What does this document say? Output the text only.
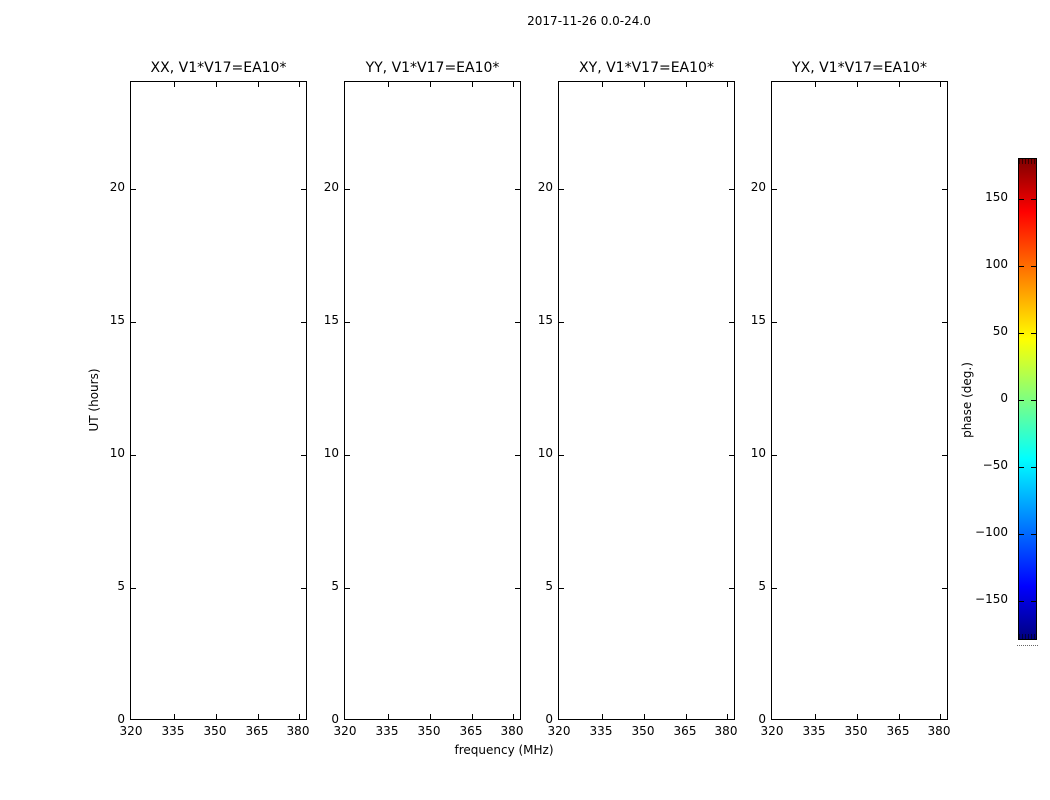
2017-11-26 0.0-24.0
UT (hours)
frequency (MHz)
XX, V1*V17=EA10*	YY, V1*V17=EA10*	XY, V1*V17=EA10*	YX, V1*V17=EA10*
phase (deg.)
320	335	350	365	380
0
5
10
15
20
320	335	350	365	380
0
5
10
15
20
320	335	350	365	380
0
5
10
15
20
320	335	350	365	380
0
5
10
15
20
150
100
50
0
−50
−100
−150
